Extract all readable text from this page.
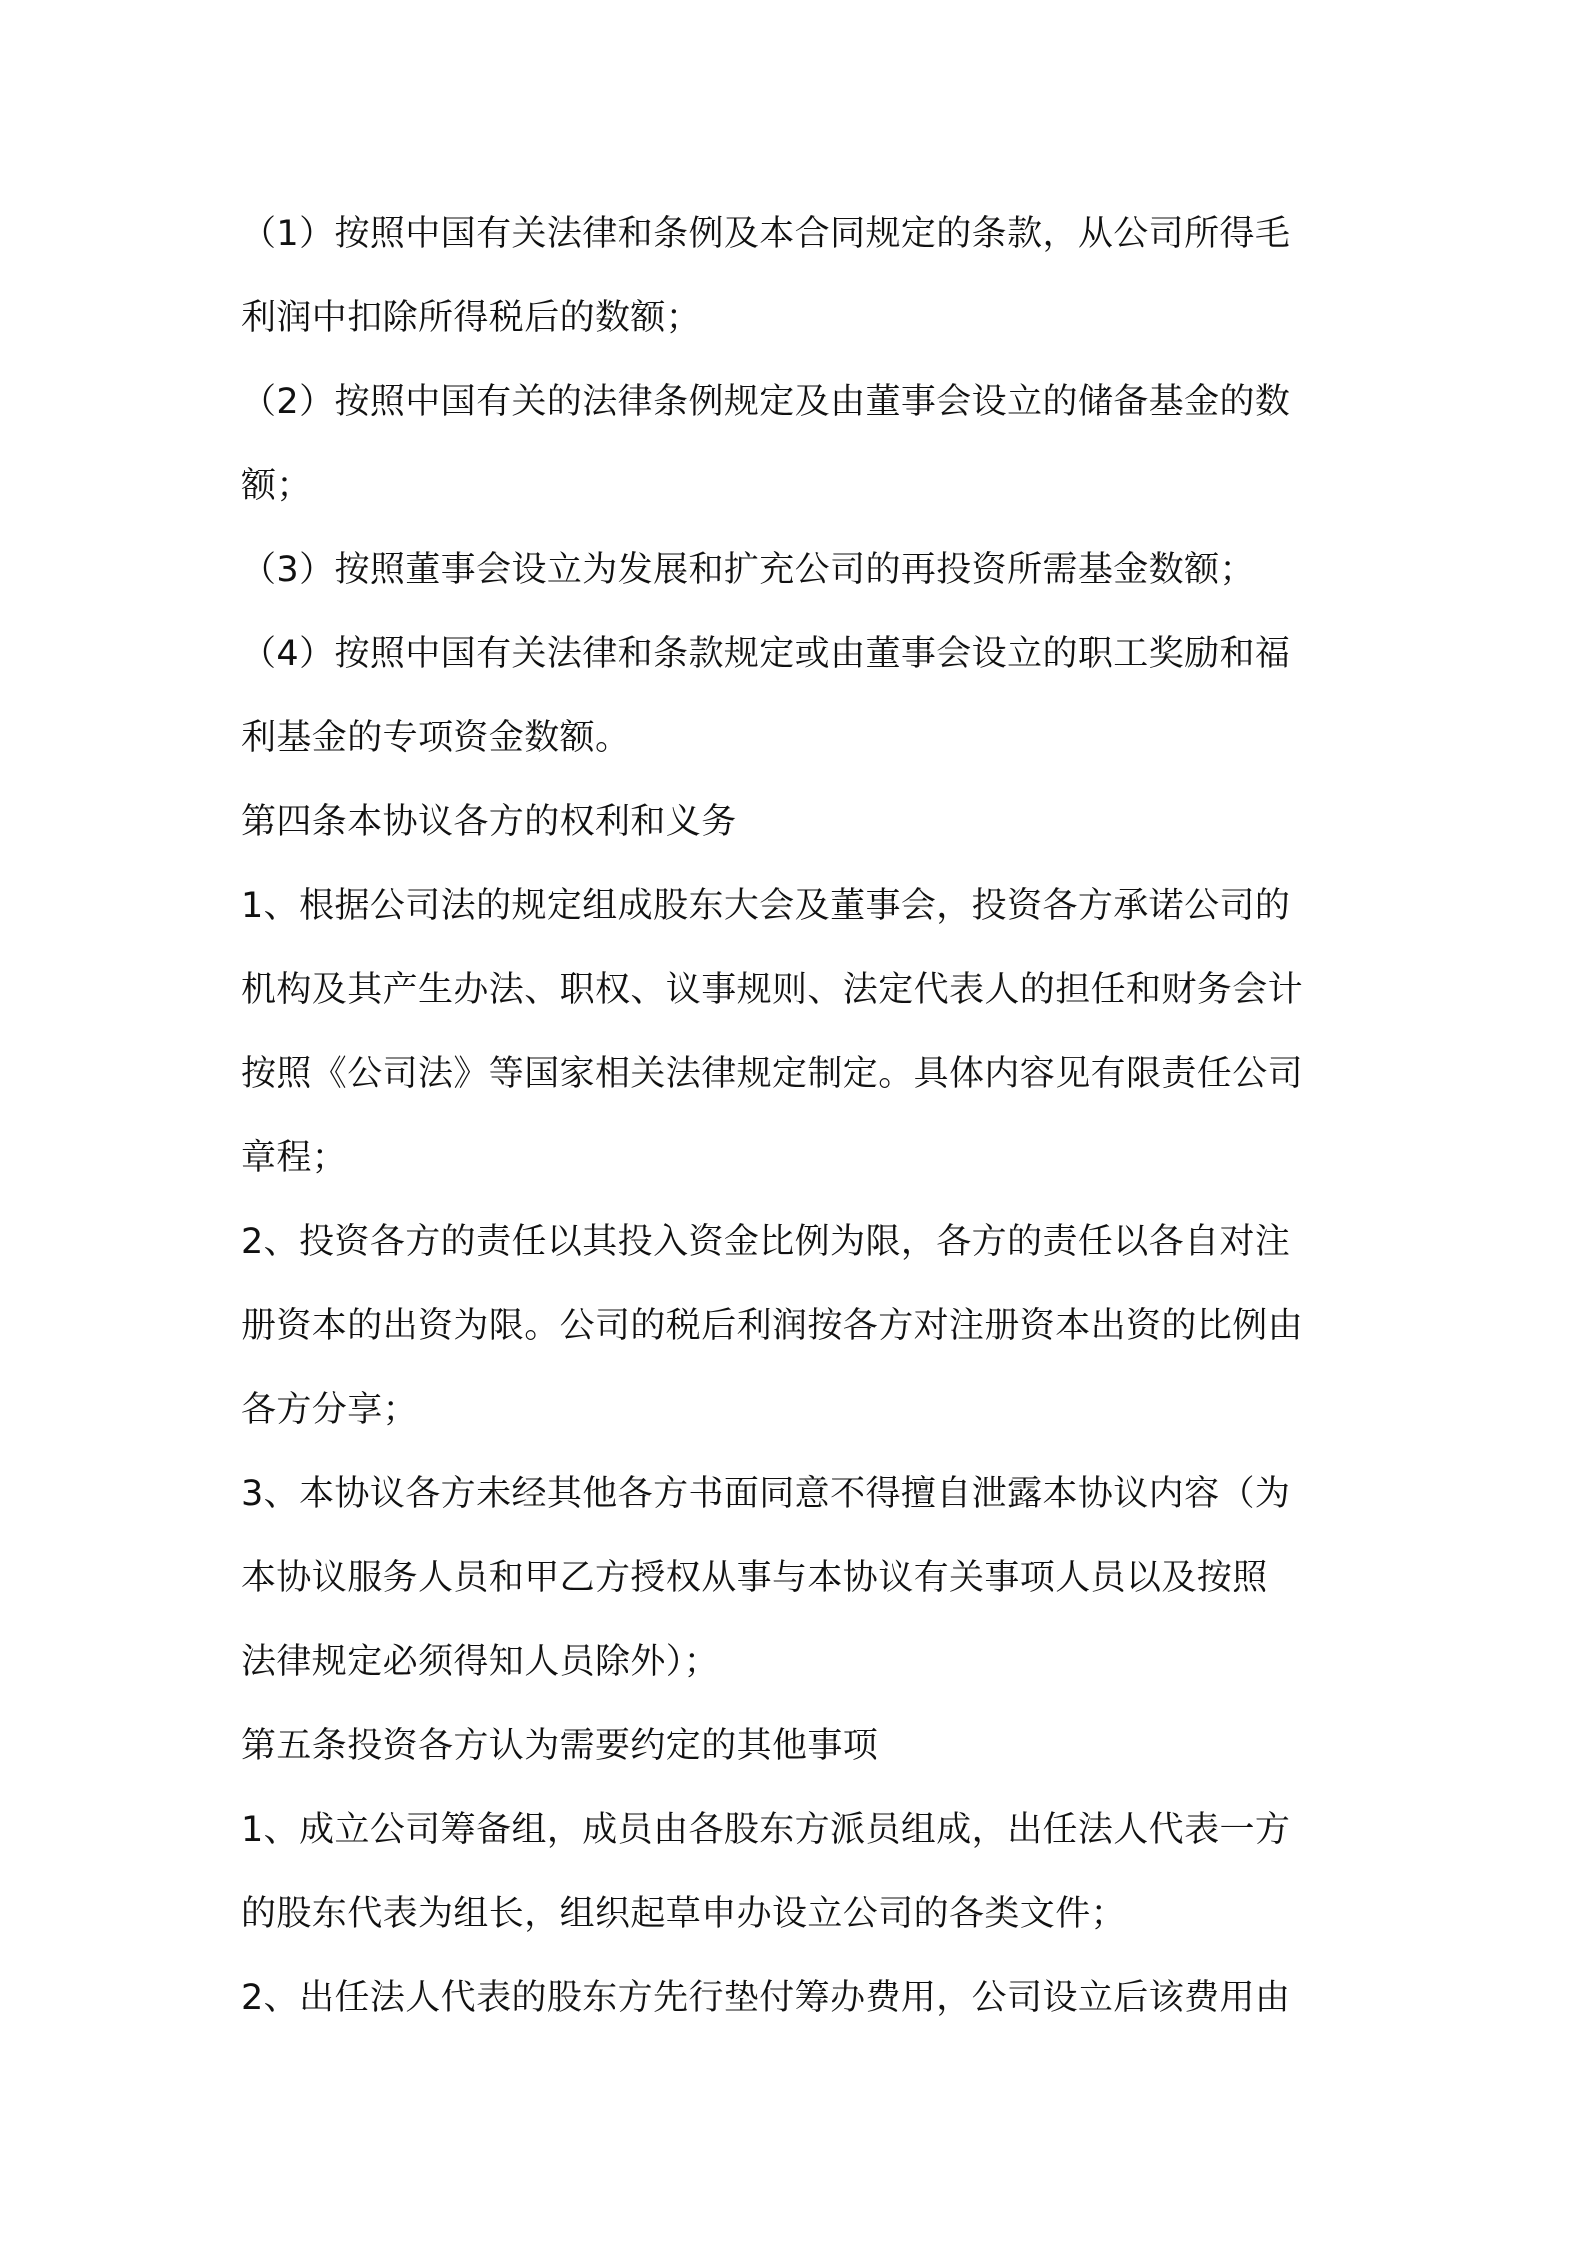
（1）按照中国有关法律和条例及本合同规定的条款，从公司所得毛
利润中扣除所得税后的数额；
（2）按照中国有关的法律条例规定及由董事会设立的储备基金的数
额；
（3）按照董事会设立为发展和扩充公司的再投资所需基金数额；
（4）按照中国有关法律和条款规定或由董事会设立的职工奖励和福
利基金的专项资金数额。
第四条本协议各方的权利和义务
1、根据公司法的规定组成股东大会及董事会，投资各方承诺公司的
机构及其产生办法、职权、议事规则、法定代表人的担任和财务会计
按照《公司法》等国家相关法律规定制定。具体内容见有限责任公司
章程；
2、投资各方的责任以其投入资金比例为限，各方的责任以各自对注
册资本的出资为限。公司的税后利润按各方对注册资本出资的比例由
各方分享；
3、本协议各方未经其他各方书面同意不得擅自泄露本协议内容（为
本协议服务人员和甲乙方授权从事与本协议有关事项人员以及按照
法律规定必须得知人员除外）；
第五条投资各方认为需要约定的其他事项
1、成立公司筹备组，成员由各股东方派员组成，出任法人代表一方
的股东代表为组长，组织起草申办设立公司的各类文件；
2、出任法人代表的股东方先行垫付筹办费用，公司设立后该费用由
